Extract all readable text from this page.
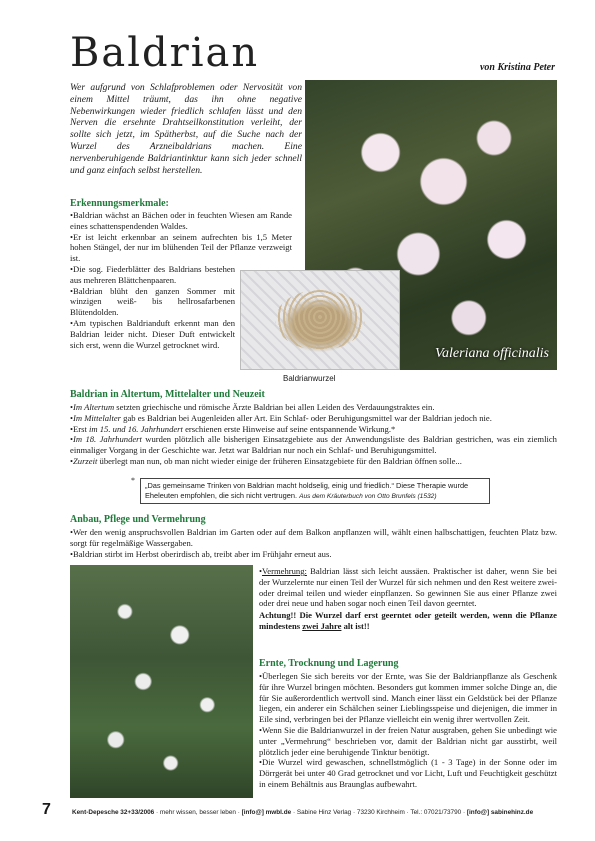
Baldrian	von Kristina Peter
Wer aufgrund von Schlafproblemen oder Nervosität von einem Mittel träumt, das ihn ohne negative Nebenwirkungen wieder friedlich schlafen lässt und den Nerven die ersehnte Drahtseilkonstitution verleiht, der sollte sich jetzt, im Spätherbst, auf die Suche nach der Wurzel des Arzneibaldrians machen. Eine nervenberuhigende Baldriantinktur kann sich jeder schnell und ganz einfach selbst herstellen.
Valeriana officinalis
Erkennungsmerkmale:
•Baldrian wächst an Bächen oder in feuchten Wiesen am Rande eines schattenspendenden Waldes.
•Er ist leicht erkennbar an seinem aufrechten bis 1,5 Meter hohen Stängel, der nur im blühenden Teil der Pflanze verzweigt ist.
•Die sog. Fiederblätter des Baldrians bestehen aus mehreren Blättchenpaaren.
•Baldrian blüht den ganzen Sommer mit winzigen weiß- bis hellrosafarbenen Blütendolden.
•Am typischen Baldrianduft erkennt man den Baldrian leider nicht. Dieser Duft entwickelt sich erst, wenn die Wurzel getrocknet wird.
Baldrianwurzel
Baldrian in Altertum, Mittelalter und Neuzeit
•Im Altertum setzten griechische und römische Ärzte Baldrian bei allen Leiden des Verdauungstraktes ein.
•Im Mittelalter gab es Baldrian bei Augenleiden aller Art. Ein Schlaf- oder Beruhigungsmittel war der Baldrian jedoch nie.
•Erst im 15. und 16. Jahrhundert erschienen erste Hinweise auf seine entspannende Wirkung.*
•Im 18. Jahrhundert wurden plötzlich alle bisherigen Einsatzgebiete aus der Anwendungsliste des Baldrian gestrichen, was ein ziemlich einmaliger Vorgang in der Geschichte war. Jetzt war Baldrian nur noch ein Schlaf- und Beruhigungsmittel.
•Zurzeit überlegt man nun, ob man nicht wieder einige der früheren Einsatzgebiete für den Baldrian öffnen solle...
*
„Das gemeinsame Trinken von Baldrian macht holdselig, einig und friedlich.“ Diese Therapie wurde Eheleuten empfohlen, die sich nicht vertrugen. Aus dem Kräuterbuch von Otto Brunfels (1532)
Anbau, Pflege und Vermehrung
•Wer den wenig anspruchsvollen Baldrian im Garten oder auf dem Balkon anpflanzen will, wählt einen halbschattigen, feuchten Platz bzw. sorgt für regelmäßige Wassergaben.
•Baldrian stirbt im Herbst oberirdisch ab, treibt aber im Frühjahr erneut aus.
•Vermehrung: Baldrian lässt sich leicht aussäen. Praktischer ist daher, wenn Sie bei der Wurzelernte nur einen Teil der Wurzel für sich nehmen und den Rest weitere zwei- oder dreimal teilen und wieder einpflanzen. So gewinnen Sie aus einer Pflanze zwei oder drei neue und haben sogar noch einen Teil davon geerntet.
Achtung!! Die Wurzel darf erst geerntet oder geteilt werden, wenn die Pflanze mindestens zwei Jahre alt ist!!
Ernte, Trocknung und Lagerung
•Überlegen Sie sich bereits vor der Ernte, was Sie der Baldrianpflanze als Geschenk für ihre Wurzel bringen möchten. Besonders gut kommen immer solche Dinge an, die für Sie außerordentlich wertvoll sind. Manch einer lässt ein Geldstück bei der Pflanze liegen, ein anderer ein Schälchen seiner Lieblingsspeise und diejenigen, die immer in Eile sind, verbringen bei der Pflanze vielleicht ein wenig ihrer wertvollen Zeit.
•Wenn Sie die Baldrianwurzel in der freien Natur ausgraben, gehen Sie unbedingt wie unter „Vermehrung“ beschrieben vor, damit der Baldrian nicht gar ausstirbt, weil plötzlich jeder eine beruhigende Tinktur benötigt.
•Die Wurzel wird gewaschen, schnellstmöglich (1 - 3 Tage) in der Sonne oder im Dörrgerät bei unter 40 Grad getrocknet und vor Licht, Luft und Feuchtigkeit geschützt in einem Behältnis aus Braunglas aufbewahrt.
7	Kent-Depesche 32+33/2006 · mehr wissen, besser leben · [info@] mwbl.de · Sabine Hinz Verlag · 73230 Kirchheim · Tel.: 07021/73790 · [info@] sabinehinz.de
